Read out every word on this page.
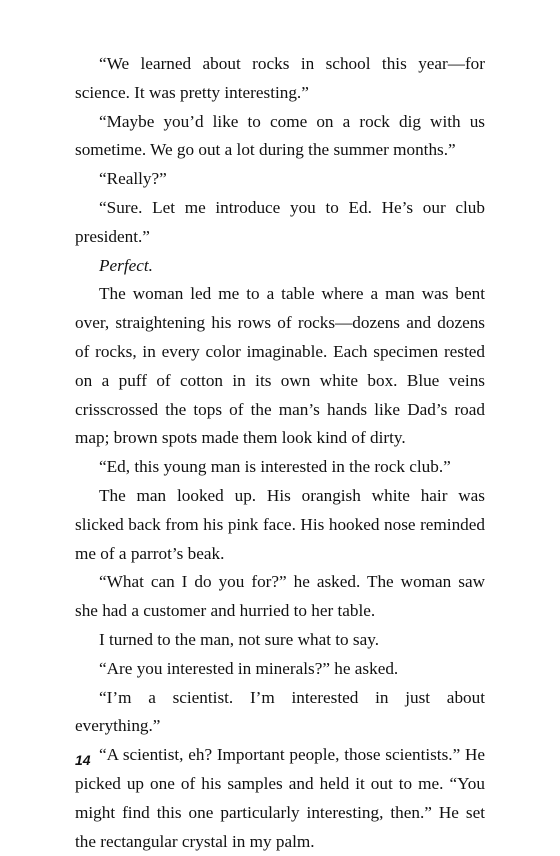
“We learned about rocks in school this year—for science. It was pretty interesting.”

“Maybe you’d like to come on a rock dig with us sometime. We go out a lot during the summer months.”

“Really?”

“Sure. Let me introduce you to Ed. He’s our club president.”

Perfect.

The woman led me to a table where a man was bent over, straightening his rows of rocks—dozens and dozens of rocks, in every color imaginable. Each specimen rested on a puff of cotton in its own white box. Blue veins crisscrossed the tops of the man’s hands like Dad’s road map; brown spots made them look kind of dirty.

“Ed, this young man is interested in the rock club.”

The man looked up. His orangish white hair was slicked back from his pink face. His hooked nose reminded me of a parrot’s beak.

“What can I do you for?” he asked. The woman saw she had a customer and hurried to her table.

I turned to the man, not sure what to say.

“Are you interested in minerals?” he asked.

“I’m a scientist. I’m interested in just about everything.”

“A scientist, eh? Important people, those scientists.” He picked up one of his samples and held it out to me. “You might find this one particularly interesting, then.” He set the rectangular crystal in my palm.

14
